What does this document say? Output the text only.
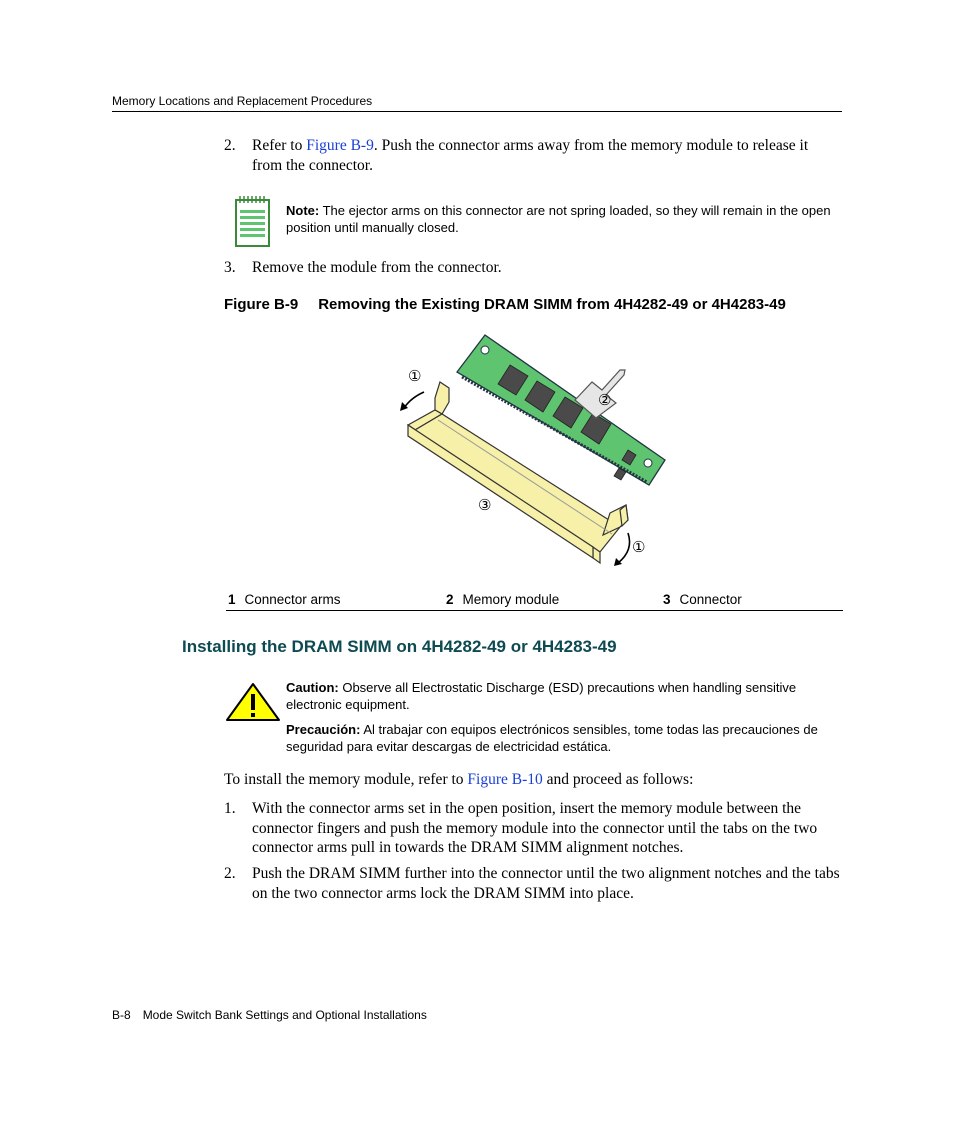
Memory Locations and Replacement Procedures
2. Refer to Figure B-9. Push the connector arms away from the memory module to release it from the connector.
Note: The ejector arms on this connector are not spring loaded, so they will remain in the open position until manually closed.
3. Remove the module from the connector.
Figure B-9 Removing the Existing DRAM SIMM from 4H4282-49 or 4H4283-49
①
②
③
①
1 Connector arms	2 Memory module	3 Connector
Installing the DRAM SIMM on 4H4282-49 or 4H4283-49
Caution: Observe all Electrostatic Discharge (ESD) precautions when handling sensitive electronic equipment.
Precaución: Al trabajar con equipos electrónicos sensibles, tome todas las precauciones de seguridad para evitar descargas de electricidad estática.
To install the memory module, refer to Figure B-10 and proceed as follows:
1. With the connector arms set in the open position, insert the memory module between the connector fingers and push the memory module into the connector until the tabs on the two connector arms pull in towards the DRAM SIMM alignment notches.
2. Push the DRAM SIMM further into the connector until the two alignment notches and the tabs on the two connector arms lock the DRAM SIMM into place.
B-8 Mode Switch Bank Settings and Optional Installations
